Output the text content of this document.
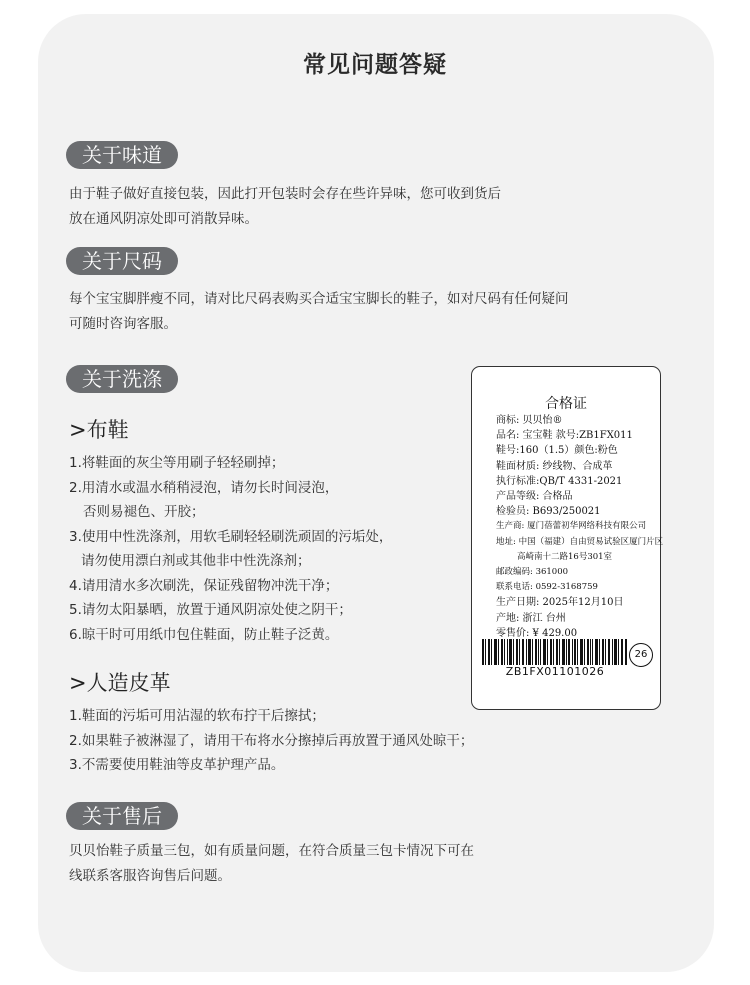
常见问题答疑
关于味道
由于鞋子做好直接包装，因此打开包装时会存在些许异味，您可收到货后
放在通风阴凉处即可消散异味。
关于尺码
每个宝宝脚胖瘦不同，请对比尺码表购买合适宝宝脚长的鞋子，如对尺码有任何疑问
可随时咨询客服。
关于洗涤
>布鞋
1.将鞋面的灰尘等用刷子轻轻刷掉；
2.用清水或温水稍稍浸泡，请勿长时间浸泡，
否则易褪色、开胶；
3.使用中性洗涤剂，用软毛刷轻轻刷洗顽固的污垢处，
请勿使用漂白剂或其他非中性洗涤剂；
4.请用清水多次刷洗，保证残留物冲洗干净；
5.请勿太阳暴晒，放置于通风阴凉处使之阴干；
6.晾干时可用纸巾包住鞋面，防止鞋子泛黄。
>人造皮革
1.鞋面的污垢可用沾湿的软布拧干后擦拭；
2.如果鞋子被淋湿了，请用干布将水分擦掉后再放置于通风处晾干；
3.不需要使用鞋油等皮革护理产品。
合格证
商标: 贝贝怡®
品名: 宝宝鞋 款号:ZB1FX011
鞋号:160（1.5）颜色:粉色
鞋面材质: 纱线物、合成革
执行标准:QB/T 4331-2021
产品等级: 合格品
检验员: B693/250021
生产商: 厦门蓓蕾初华网络科技有限公司
地址: 中国（福建）自由贸易试验区厦门片区
高崎南十二路16号301室
邮政编码: 361000
联系电话: 0592-3168759
生产日期: 2025年12月10日
产地: 浙江 台州
零售价: ¥ 429.00
ZB1FX01101026
26
关于售后
贝贝怡鞋子质量三包，如有质量问题，在符合质量三包卡情况下可在
线联系客服咨询售后问题。
